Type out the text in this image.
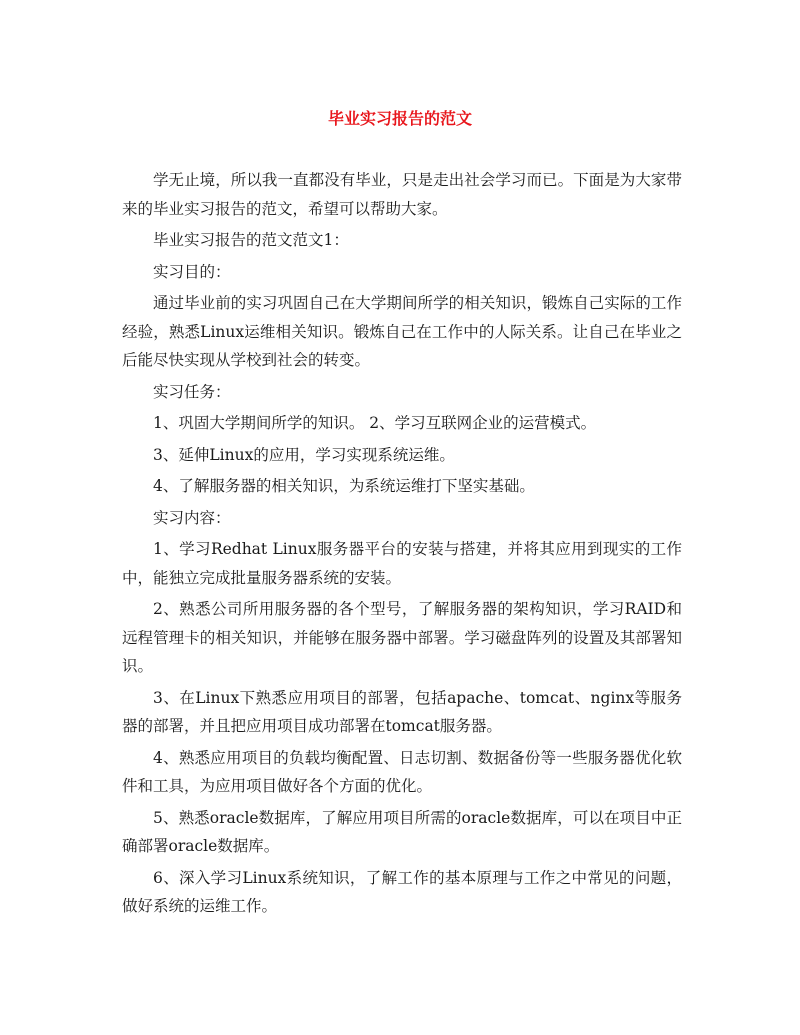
毕业实习报告的范文

学无止境，所以我一直都没有毕业，只是走出社会学习而已。下面是为大家带来的毕业实习报告的范文，希望可以帮助大家。

毕业实习报告的范文范文1：

实习目的：

通过毕业前的实习巩固自己在大学期间所学的相关知识，锻炼自己实际的工作经验，熟悉Linux运维相关知识。锻炼自己在工作中的人际关系。让自己在毕业之后能尽快实现从学校到社会的转变。

实习任务：

1、巩固大学期间所学的知识。 2、学习互联网企业的运营模式。

3、延伸Linux的应用，学习实现系统运维。

4、了解服务器的相关知识，为系统运维打下坚实基础。

实习内容：

1、学习Redhat Linux服务器平台的安装与搭建，并将其应用到现实的工作中，能独立完成批量服务器系统的安装。

2、熟悉公司所用服务器的各个型号，了解服务器的架构知识，学习RAID和远程管理卡的相关知识，并能够在服务器中部署。学习磁盘阵列的设置及其部署知识。

3、在Linux下熟悉应用项目的部署，包括apache、tomcat、nginx等服务器的部署，并且把应用项目成功部署在tomcat服务器。

4、熟悉应用项目的负载均衡配置、日志切割、数据备份等一些服务器优化软件和工具，为应用项目做好各个方面的优化。

5、熟悉oracle数据库，了解应用项目所需的oracle数据库，可以在项目中正确部署oracle数据库。

6、深入学习Linux系统知识，了解工作的基本原理与工作之中常见的问题，做好系统的运维工作。
